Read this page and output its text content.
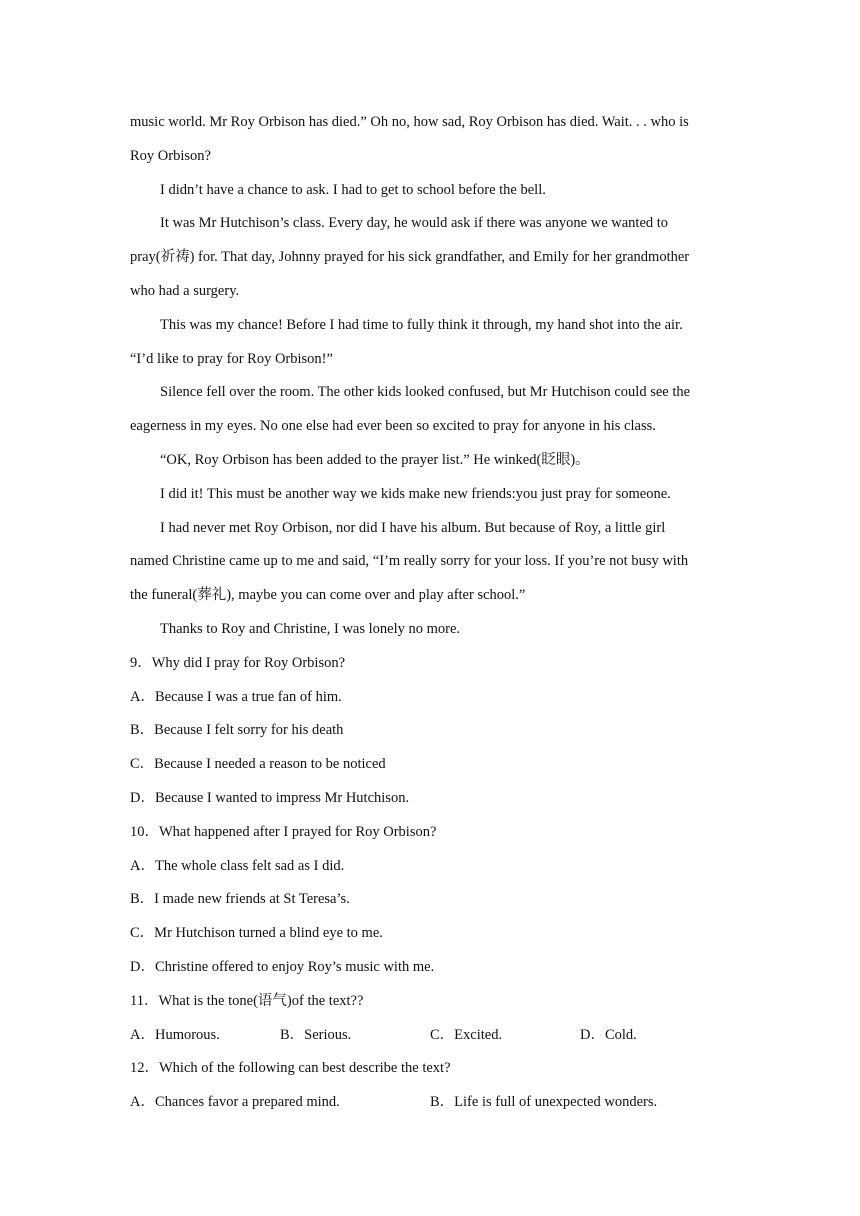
music world. Mr Roy Orbison has died.” Oh no, how sad, Roy Orbison has died. Wait. . . who is
Roy Orbison?
I didn’t have a chance to ask. I had to get to school before the bell.
It was Mr Hutchison’s class. Every day, he would ask if there was anyone we wanted to
pray(祈祷) for. That day, Johnny prayed for his sick grandfather, and Emily for her grandmother
who had a surgery.
This was my chance! Before I had time to fully think it through, my hand shot into the air.
“I’d like to pray for Roy Orbison!”
Silence fell over the room. The other kids looked confused, but Mr Hutchison could see the
eagerness in my eyes. No one else had ever been so excited to pray for anyone in his class.
“OK, Roy Orbison has been added to the prayer list.” He winked(眨眼)。
I did it! This must be another way we kids make new friends:you just pray for someone.
I had never met Roy Orbison, nor did I have his album. But because of Roy, a little girl
named Christine came up to me and said, “I’m really sorry for your loss. If you’re not busy with
the funeral(葬礼), maybe you can come over and play after school.”
Thanks to Roy and Christine, I was lonely no more.
9．Why did I pray for Roy Orbison?
A．Because I was a true fan of him.
B．Because I felt sorry for his death
C．Because I needed a reason to be noticed
D．Because I wanted to impress Mr Hutchison.
10．What happened after I prayed for Roy Orbison?
A．The whole class felt sad as I did.
B．I made new friends at St Teresa’s.
C．Mr Hutchison turned a blind eye to me.
D．Christine offered to enjoy Roy’s music with me.
11．What is the tone(语气)of the text??
A．Humorous.	B．Serious.	C．Excited.	D．Cold.
12．Which of the following can best describe the text?
A．Chances favor a prepared mind.	B．Life is full of unexpected wonders.
